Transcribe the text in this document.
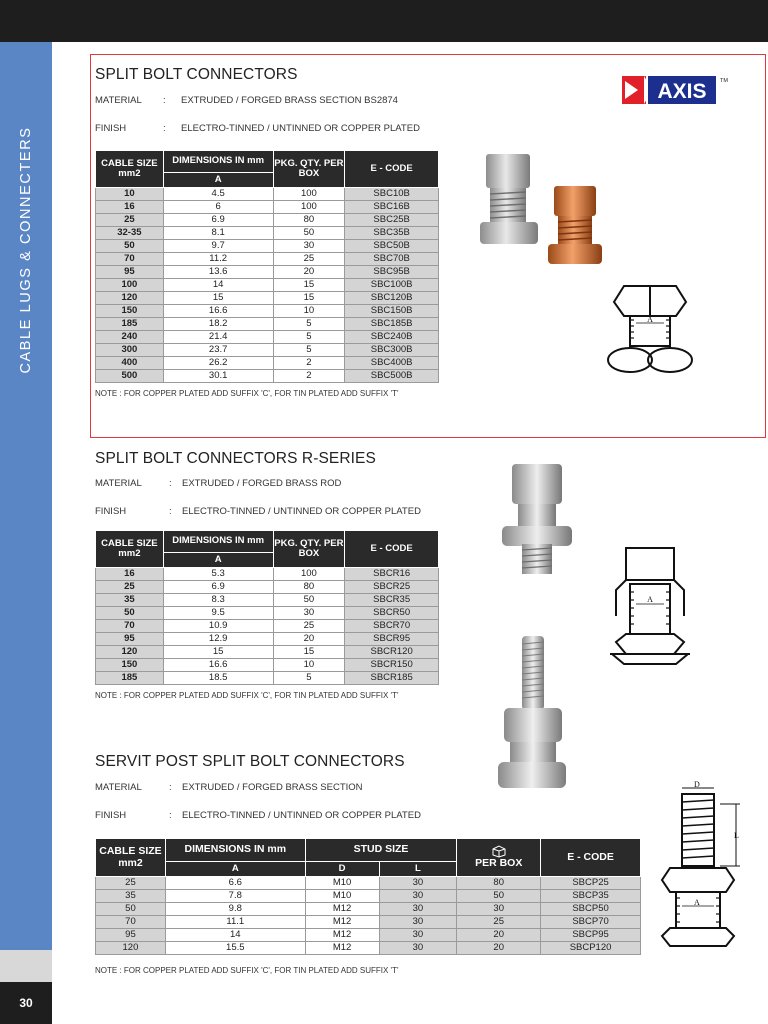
CABLE LUGS & CONNECTERS
30
AXIS TM
SPLIT BOLT CONNECTORS
MATERIAL : EXTRUDED / FORGED BRASS SECTION BS2874
FINISH	: ELECTRO-TINNED / UNTINNED OR COPPER PLATED
CABLE SIZE mm2	DIMENSIONS IN mm	PKG. QTY. PER BOX	E - CODE
	A		
10	4.5	100	SBC10B
16	6	100	SBC16B
25	6.9	80	SBC25B
32-35	8.1	50	SBC35B
50	9.7	30	SBC50B
70	11.2	25	SBC70B
95	13.6	20	SBC95B
100	14	15	SBC100B
120	15	15	SBC120B
150	16.6	10	SBC150B
185	18.2	5	SBC185B
240	21.4	5	SBC240B
300	23.7	5	SBC300B
400	26.2	2	SBC400B
500	30.1	2	SBC500B
NOTE : FOR COPPER PLATED ADD SUFFIX 'C', FOR TIN PLATED ADD SUFFIX 'T'
A
SPLIT BOLT CONNECTORS R-SERIES
MATERIAL	: EXTRUDED / FORGED BRASS ROD
FINISH	: ELECTRO-TINNED / UNTINNED OR COPPER PLATED
CABLE SIZE mm2	DIMENSIONS IN mm	PKG. QTY. PER BOX	E - CODE
	A		
16	5.3	100	SBCR16
25	6.9	80	SBCR25
35	8.3	50	SBCR35
50	9.5	30	SBCR50
70	10.9	25	SBCR70
95	12.9	20	SBCR95
120	15	15	SBCR120
150	16.6	10	SBCR150
185	18.5	5	SBCR185
NOTE : FOR COPPER PLATED ADD SUFFIX 'C', FOR TIN PLATED ADD SUFFIX 'T'
A
SERVIT POST SPLIT BOLT CONNECTORS
MATERIAL	: EXTRUDED / FORGED BRASS SECTION
FINISH	: ELECTRO-TINNED / UNTINNED OR COPPER PLATED
CABLE SIZE mm2	DIMENSIONS IN mm	STUD SIZE		PER BOX	E - CODE
	A	D	L		
25	6.6	M10	30	80	SBCP25
35	7.8	M10	30	50	SBCP35
50	9.8	M12	30	30	SBCP50
70	11.1	M12	30	25	SBCP70
95	14	M12	30	20	SBCP95
120	15.5	M12	30	20	SBCP120
NOTE : FOR COPPER PLATED ADD SUFFIX 'C', FOR TIN PLATED ADD SUFFIX 'T'
D
L
A
